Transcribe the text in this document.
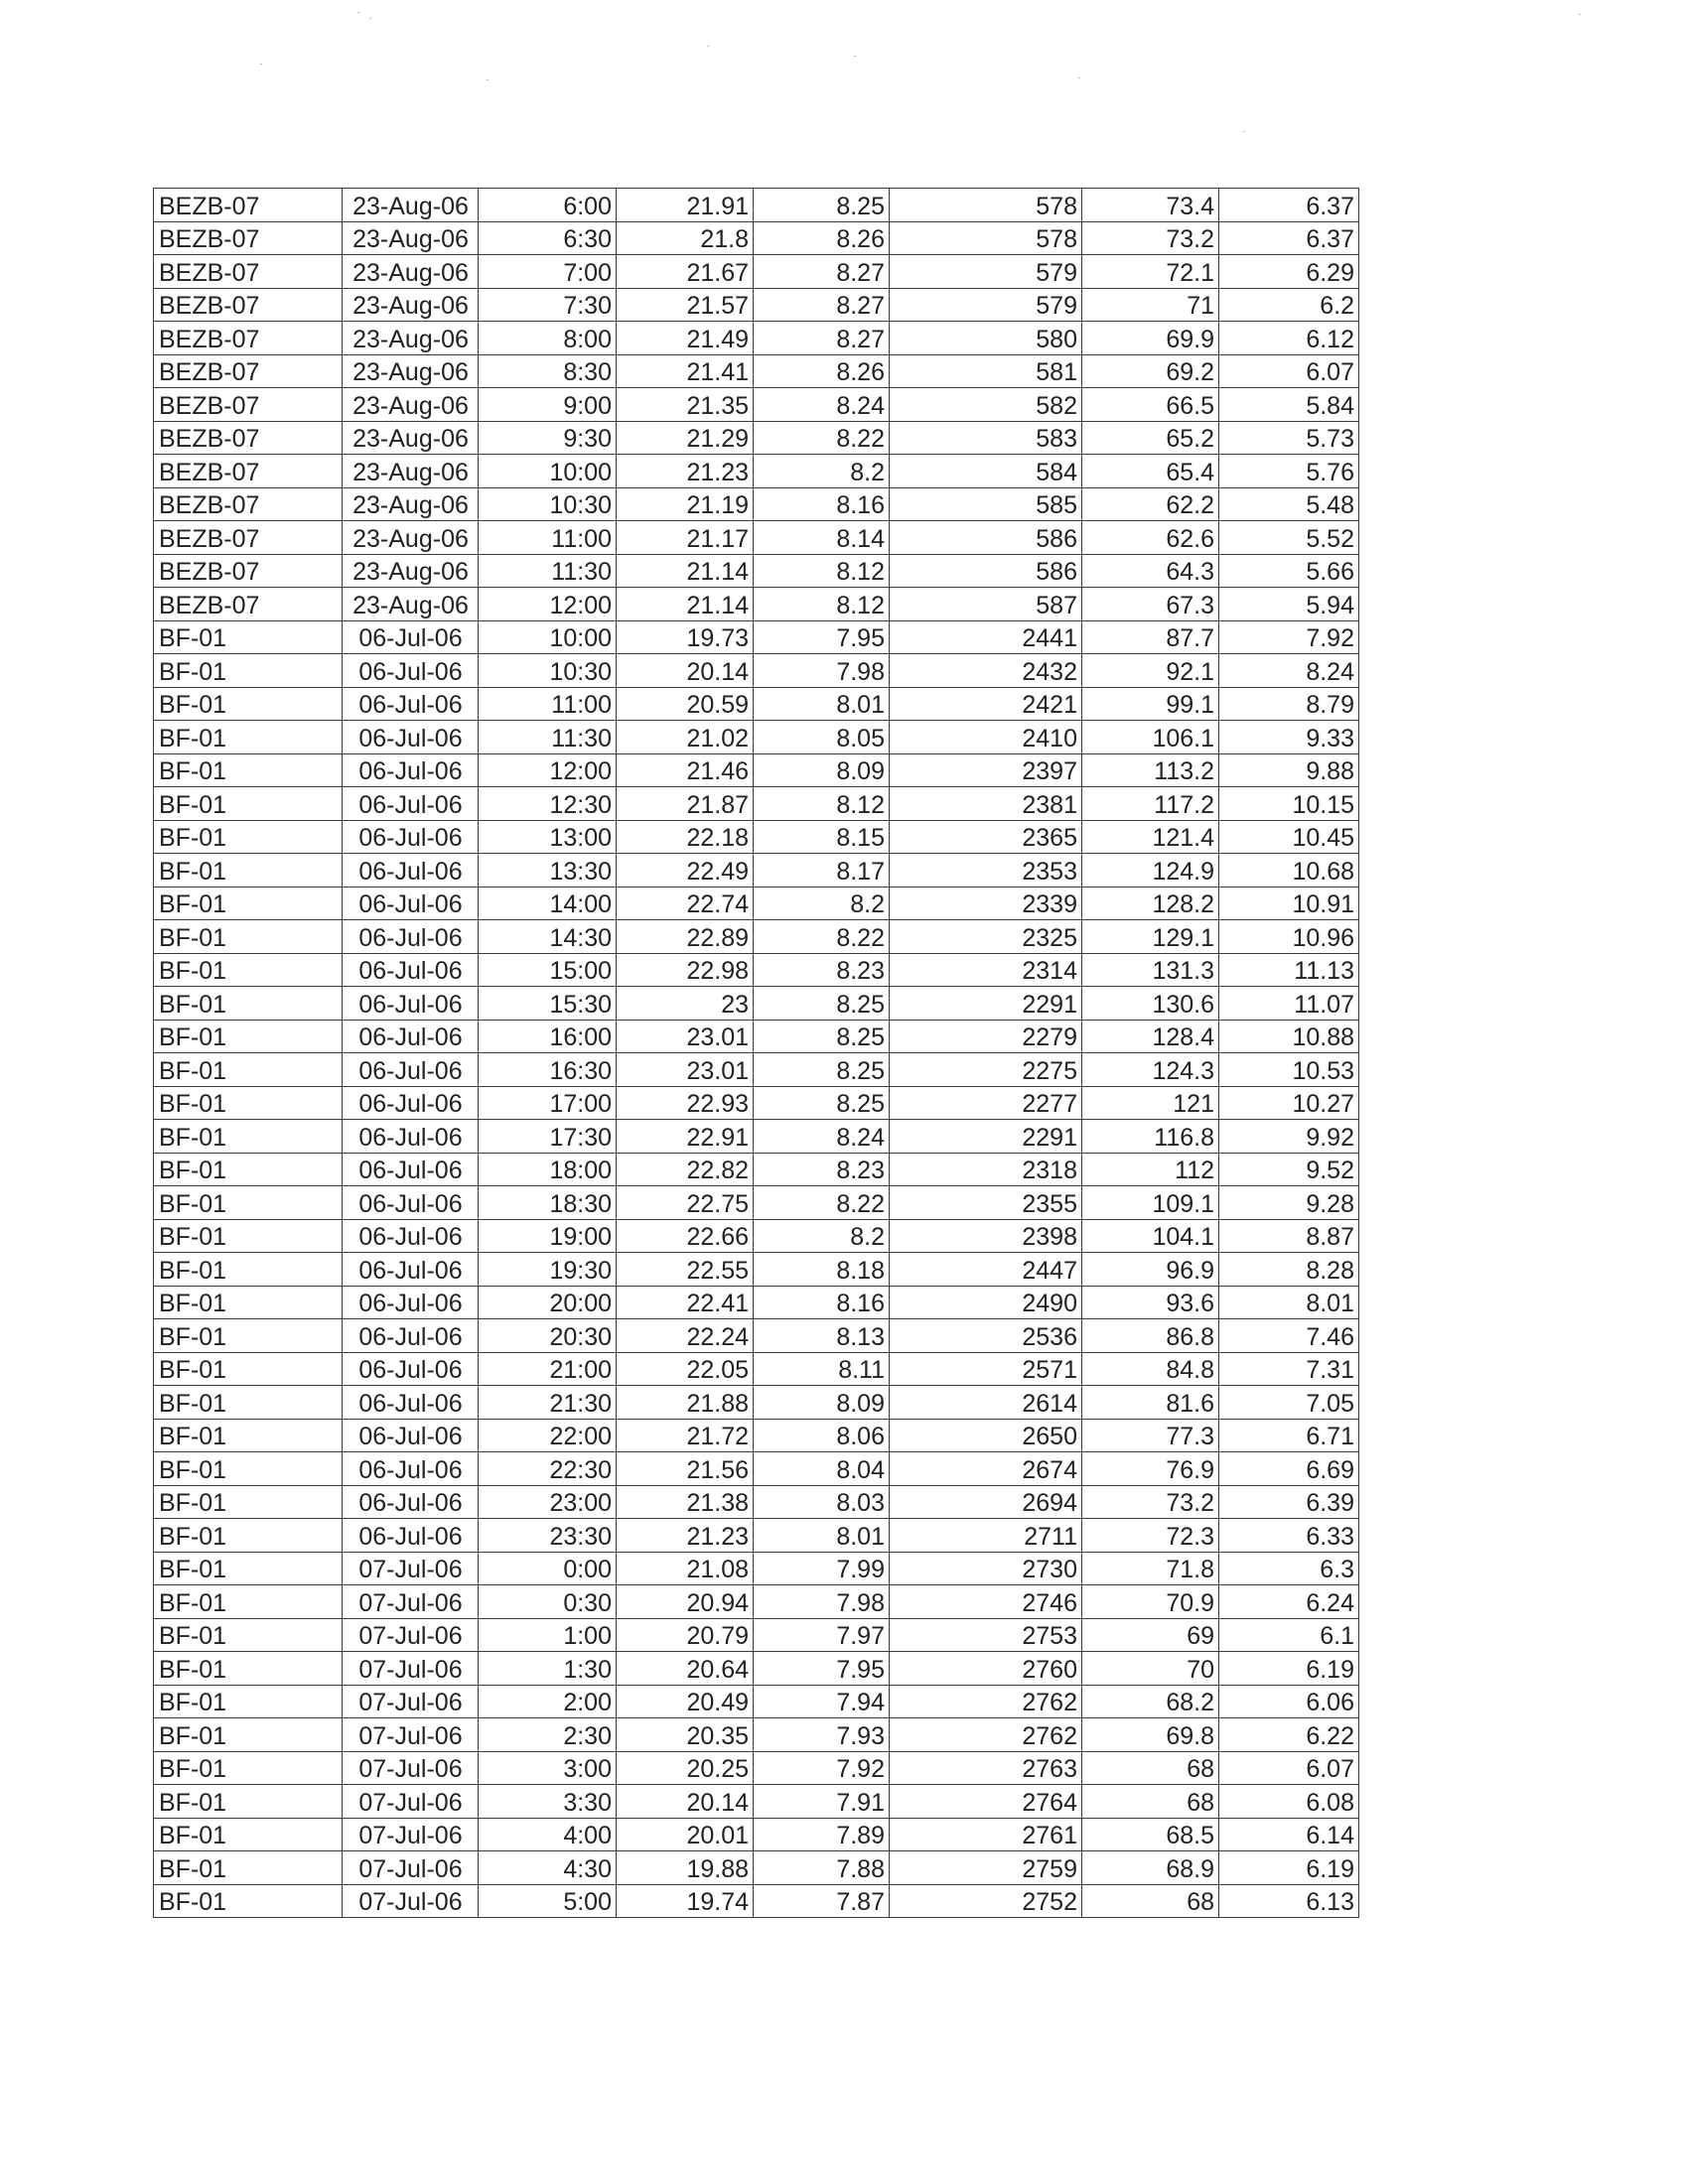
BEZB-07	23-Aug-06	6:00	21.91	8.25	578	73.4	6.37
BEZB-07	23-Aug-06	6:30	21.8	8.26	578	73.2	6.37
BEZB-07	23-Aug-06	7:00	21.67	8.27	579	72.1	6.29
BEZB-07	23-Aug-06	7:30	21.57	8.27	579	71	6.2
BEZB-07	23-Aug-06	8:00	21.49	8.27	580	69.9	6.12
BEZB-07	23-Aug-06	8:30	21.41	8.26	581	69.2	6.07
BEZB-07	23-Aug-06	9:00	21.35	8.24	582	66.5	5.84
BEZB-07	23-Aug-06	9:30	21.29	8.22	583	65.2	5.73
BEZB-07	23-Aug-06	10:00	21.23	8.2	584	65.4	5.76
BEZB-07	23-Aug-06	10:30	21.19	8.16	585	62.2	5.48
BEZB-07	23-Aug-06	11:00	21.17	8.14	586	62.6	5.52
BEZB-07	23-Aug-06	11:30	21.14	8.12	586	64.3	5.66
BEZB-07	23-Aug-06	12:00	21.14	8.12	587	67.3	5.94
BF-01	06-Jul-06	10:00	19.73	7.95	2441	87.7	7.92
BF-01	06-Jul-06	10:30	20.14	7.98	2432	92.1	8.24
BF-01	06-Jul-06	11:00	20.59	8.01	2421	99.1	8.79
BF-01	06-Jul-06	11:30	21.02	8.05	2410	106.1	9.33
BF-01	06-Jul-06	12:00	21.46	8.09	2397	113.2	9.88
BF-01	06-Jul-06	12:30	21.87	8.12	2381	117.2	10.15
BF-01	06-Jul-06	13:00	22.18	8.15	2365	121.4	10.45
BF-01	06-Jul-06	13:30	22.49	8.17	2353	124.9	10.68
BF-01	06-Jul-06	14:00	22.74	8.2	2339	128.2	10.91
BF-01	06-Jul-06	14:30	22.89	8.22	2325	129.1	10.96
BF-01	06-Jul-06	15:00	22.98	8.23	2314	131.3	11.13
BF-01	06-Jul-06	15:30	23	8.25	2291	130.6	11.07
BF-01	06-Jul-06	16:00	23.01	8.25	2279	128.4	10.88
BF-01	06-Jul-06	16:30	23.01	8.25	2275	124.3	10.53
BF-01	06-Jul-06	17:00	22.93	8.25	2277	121	10.27
BF-01	06-Jul-06	17:30	22.91	8.24	2291	116.8	9.92
BF-01	06-Jul-06	18:00	22.82	8.23	2318	112	9.52
BF-01	06-Jul-06	18:30	22.75	8.22	2355	109.1	9.28
BF-01	06-Jul-06	19:00	22.66	8.2	2398	104.1	8.87
BF-01	06-Jul-06	19:30	22.55	8.18	2447	96.9	8.28
BF-01	06-Jul-06	20:00	22.41	8.16	2490	93.6	8.01
BF-01	06-Jul-06	20:30	22.24	8.13	2536	86.8	7.46
BF-01	06-Jul-06	21:00	22.05	8.11	2571	84.8	7.31
BF-01	06-Jul-06	21:30	21.88	8.09	2614	81.6	7.05
BF-01	06-Jul-06	22:00	21.72	8.06	2650	77.3	6.71
BF-01	06-Jul-06	22:30	21.56	8.04	2674	76.9	6.69
BF-01	06-Jul-06	23:00	21.38	8.03	2694	73.2	6.39
BF-01	06-Jul-06	23:30	21.23	8.01	2711	72.3	6.33
BF-01	07-Jul-06	0:00	21.08	7.99	2730	71.8	6.3
BF-01	07-Jul-06	0:30	20.94	7.98	2746	70.9	6.24
BF-01	07-Jul-06	1:00	20.79	7.97	2753	69	6.1
BF-01	07-Jul-06	1:30	20.64	7.95	2760	70	6.19
BF-01	07-Jul-06	2:00	20.49	7.94	2762	68.2	6.06
BF-01	07-Jul-06	2:30	20.35	7.93	2762	69.8	6.22
BF-01	07-Jul-06	3:00	20.25	7.92	2763	68	6.07
BF-01	07-Jul-06	3:30	20.14	7.91	2764	68	6.08
BF-01	07-Jul-06	4:00	20.01	7.89	2761	68.5	6.14
BF-01	07-Jul-06	4:30	19.88	7.88	2759	68.9	6.19
BF-01	07-Jul-06	5:00	19.74	7.87	2752	68	6.13
